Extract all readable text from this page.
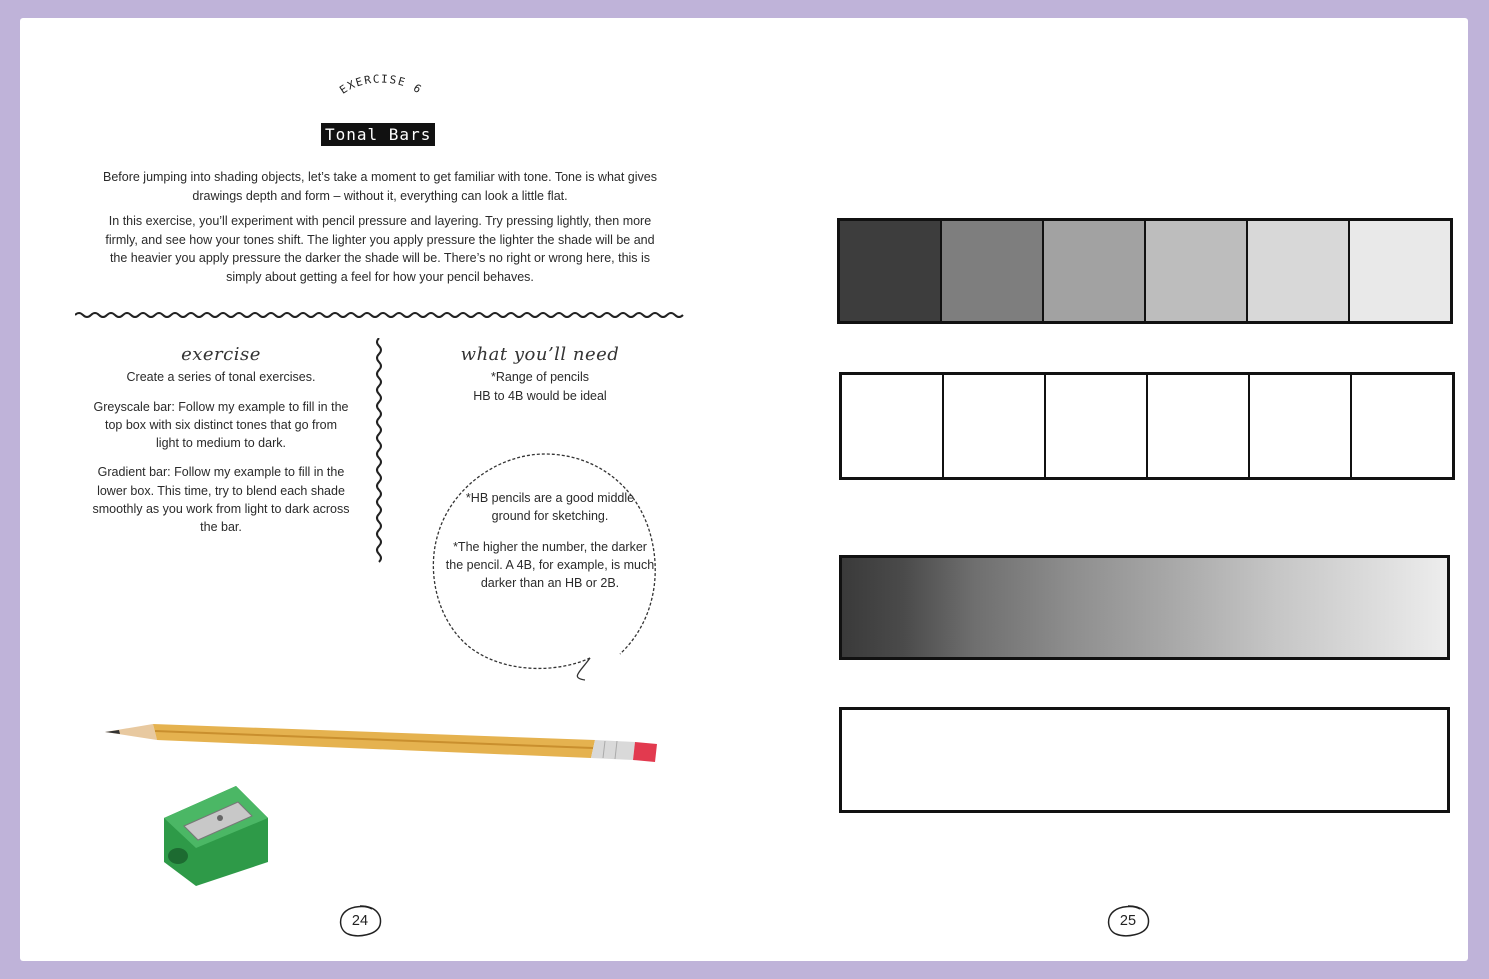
EXERCISE 6
Tonal Bars

Before jumping into shading objects, let’s take a moment to get familiar with tone. Tone is what gives drawings depth and form – without it, everything can look a little flat.

In this exercise, you’ll experiment with pencil pressure and layering. Try pressing lightly, then more firmly, and see how your tones shift. The lighter you apply pressure the lighter the shade will be and the heavier you apply pressure the darker the shade will be. There’s no right or wrong here, this is simply about getting a feel for how your pencil behaves.

exercise

Create a series of tonal exercises.

Greyscale bar: Follow my example to fill in the top box with six distinct tones that go from light to medium to dark.

Gradient bar: Follow my example to fill in the lower box. This time, try to blend each shade smoothly as you work from light to dark across the bar.

what you’ll need

*Range of pencils

HB to 4B would be ideal

*HB pencils are a good middle ground for sketching.

*The higher the number, the darker the pencil. A 4B, for example, is much darker than an HB or 2B.

24	25
